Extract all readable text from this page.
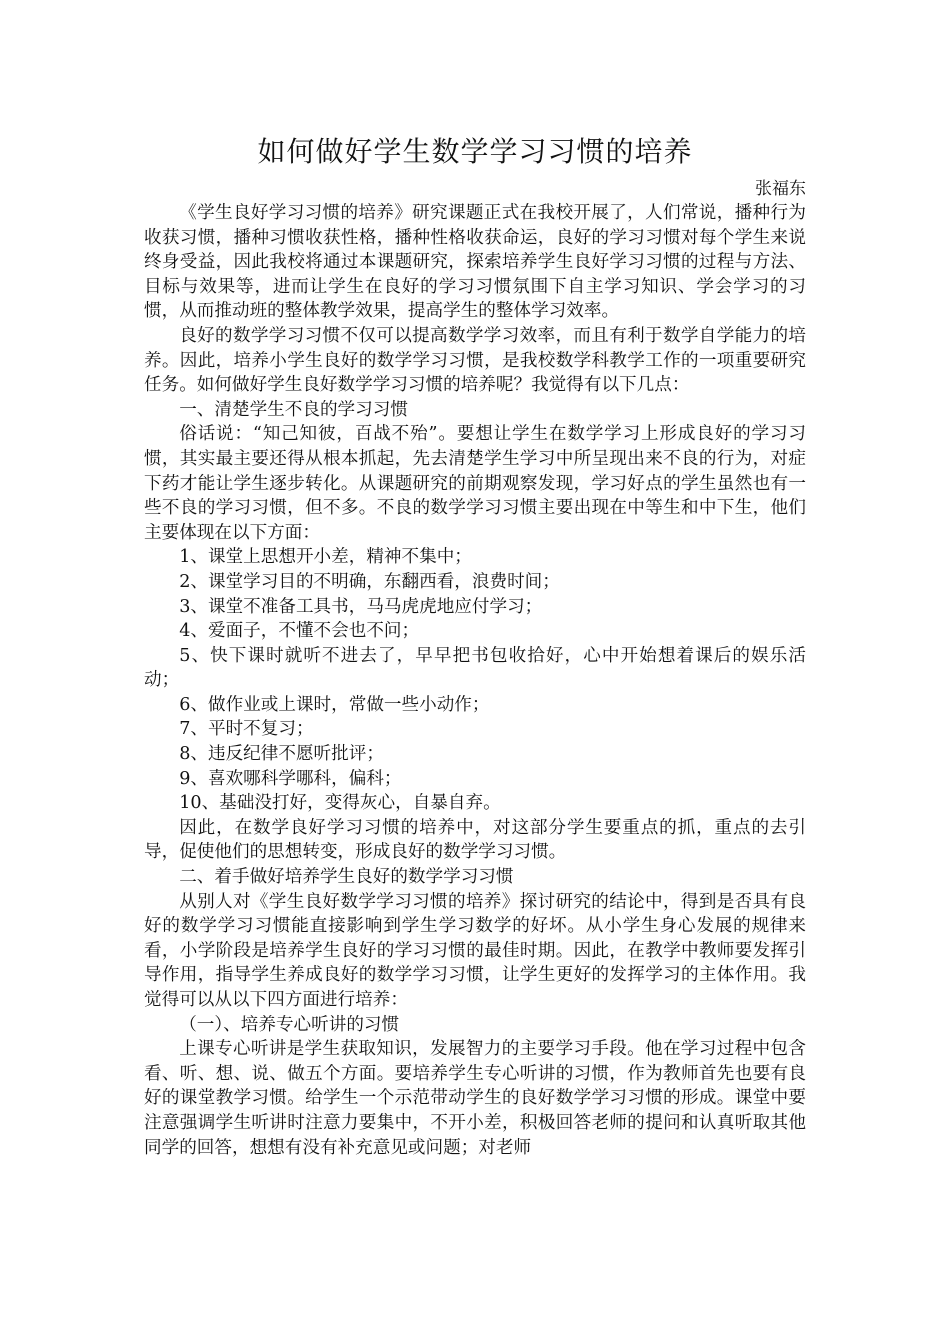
如何做好学生数学学习习惯的培养

张福东

《学生良好学习习惯的培养》研究课题正式在我校开展了，人们常说，播种行为收获习惯，播种习惯收获性格，播种性格收获命运，良好的学习习惯对每个学生来说终身受益，因此我校将通过本课题研究，探索培养学生良好学习习惯的过程与方法、目标与效果等，进而让学生在良好的学习习惯氛围下自主学习知识、学会学习的习惯，从而推动班的整体教学效果，提高学生的整体学习效率。

良好的数学学习习惯不仅可以提高数学学习效率，而且有利于数学自学能力的培养。因此，培养小学生良好的数学学习习惯，是我校数学科教学工作的一项重要研究任务。如何做好学生良好数学学习习惯的培养呢？我觉得有以下几点：

一、清楚学生不良的学习习惯

俗话说：“知己知彼，百战不殆”。要想让学生在数学学习上形成良好的学习习惯，其实最主要还得从根本抓起，先去清楚学生学习中所呈现出来不良的行为，对症下药才能让学生逐步转化。从课题研究的前期观察发现，学习好点的学生虽然也有一些不良的学习习惯，但不多。不良的数学学习习惯主要出现在中等生和中下生，他们主要体现在以下方面：

1、课堂上思想开小差，精神不集中；

2、课堂学习目的不明确，东翻西看，浪费时间；

3、课堂不准备工具书，马马虎虎地应付学习；

4、爱面子，不懂不会也不问；

5、快下课时就听不进去了，早早把书包收拾好，心中开始想着课后的娱乐活动；

6、做作业或上课时，常做一些小动作；

7、平时不复习；

8、违反纪律不愿听批评；

9、喜欢哪科学哪科，偏科；

10、基础没打好，变得灰心，自暴自弃。

因此，在数学良好学习习惯的培养中，对这部分学生要重点的抓，重点的去引导，促使他们的思想转变，形成良好的数学学习习惯。

二、着手做好培养学生良好的数学学习习惯

从别人对《学生良好数学学习习惯的培养》探讨研究的结论中，得到是否具有良好的数学学习习惯能直接影响到学生学习数学的好坏。从小学生身心发展的规律来看，小学阶段是培养学生良好的学习习惯的最佳时期。因此，在教学中教师要发挥引导作用，指导学生养成良好的数学学习习惯，让学生更好的发挥学习的主体作用。我觉得可以从以下四方面进行培养：

（一）、培养专心听讲的习惯

上课专心听讲是学生获取知识，发展智力的主要学习手段。他在学习过程中包含看、听、想、说、做五个方面。要培养学生专心听讲的习惯，作为教师首先也要有良好的课堂教学习惯。给学生一个示范带动学生的良好数学学习习惯的形成。课堂中要注意强调学生听讲时注意力要集中，不开小差，积极回答老师的提问和认真听取其他同学的回答，想想有没有补充意见或问题；对老师
